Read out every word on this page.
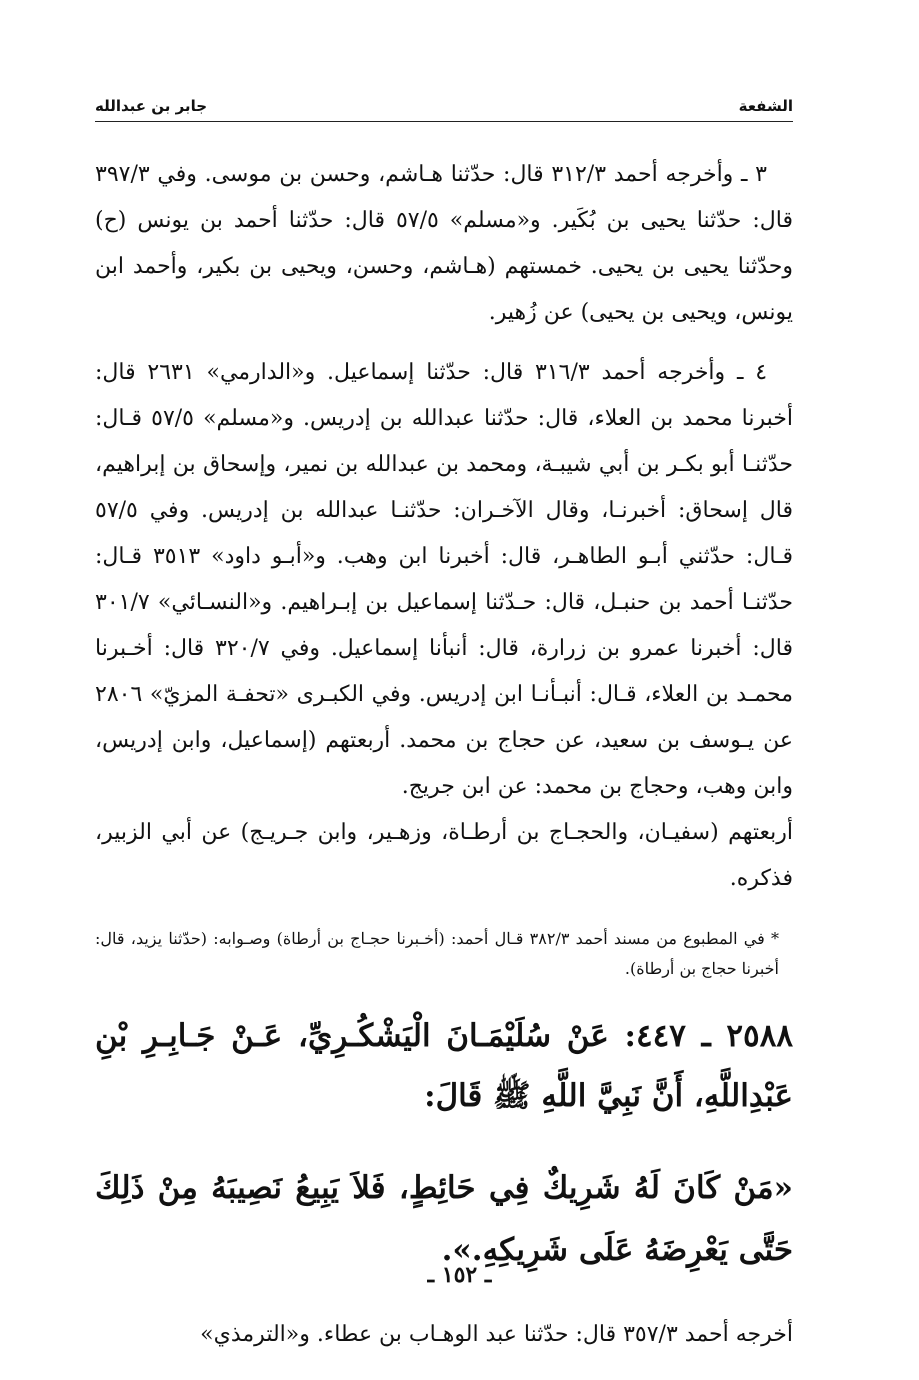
الشفعة
جابر بن عبدالله

٣ ـ وأخرجه أحمد ٣١٢/٣ قال: حدّثنا هـاشم، وحسن بن موسى. وفي ٣٩٧/٣ قال: حدّثنا يحيى بن بُكَير. و«مسلم» ٥٧/٥ قال: حدّثنا أحمد بن يونس (ح) وحدّثنا يحيى بن يحيى. خمستهم (هـاشم، وحسن، ويحيى بن بكير، وأحمد ابن يونس، ويحيى بن يحيى) عن زُهير.

٤ ـ وأخرجه أحمد ٣١٦/٣ قال: حدّثنا إسماعيل. و«الدارمي» ٢٦٣١ قال: أخبرنا محمد بن العلاء، قال: حدّثنا عبدالله بن إدريس. و«مسلم» ٥٧/٥ قـال: حدّثنـا أبو بكـر بن أبي شيبـة، ومحمد بن عبدالله بن نمير، وإسحاق بن إبراهيم، قال إسحاق: أخبرنـا، وقال الآخـران: حدّثنـا عبدالله بن إدريس. وفي ٥٧/٥ قـال: حدّثني أبـو الطاهـر، قال: أخبرنا ابن وهب. و«أبـو داود» ٣٥١٣ قـال: حدّثنـا أحمد بن حنبـل، قال: حـدّثنا إسماعيل بن إبـراهيم. و«النسـائي» ٣٠١/٧ قال: أخبرنا عمرو بن زرارة، قال: أنبأنا إسماعيل. وفي ٣٢٠/٧ قال: أخـبرنا محمـد بن العلاء، قـال: أنبـأنـا ابن إدريس. وفي الكبـرى «تحفـة المزيّ» ٢٨٠٦ عن يـوسف بن سعيد، عن حجاج بن محمد. أربعتهم (إسماعيل، وابن إدريس، وابن وهب، وحجاج بن محمد: عن ابن جريج.

أربعتهم (سفيـان، والحجـاج بن أرطـاة، وزهـير، وابن جـريـج) عن أبي الزبير، فذكره.

* في المطبوع من مسند أحمد ٣٨٢/٣ قـال أحمد: (أخـبرنا حجـاج بن أرطاة) وصـوابه: (حدّثنا يزيد، قال: أخبرنا حجاج بن أرطاة).

٢٥٨٨ ـ ٤٤٧: عَنْ سُلَيْمَـانَ الْيَشْكُـرِيِّ، عَـنْ جَـابِـرِ بْنِ عَبْدِاللَّهِ، أَنَّ نَبِيَّ اللَّهِ ﷺ قَالَ:

«مَنْ كَانَ لَهُ شَرِيكٌ فِي حَائِطٍ، فَلاَ يَبِيعُ نَصِيبَهُ مِنْ ذَلِكَ حَتَّى يَعْرِضَهُ عَلَى شَرِيكِهِ.».

أخرجه أحمد ٣٥٧/٣ قال: حدّثنا عبد الوهـاب بن عطاء. و«الترمذي»

ـ ١٥٢ ـ
